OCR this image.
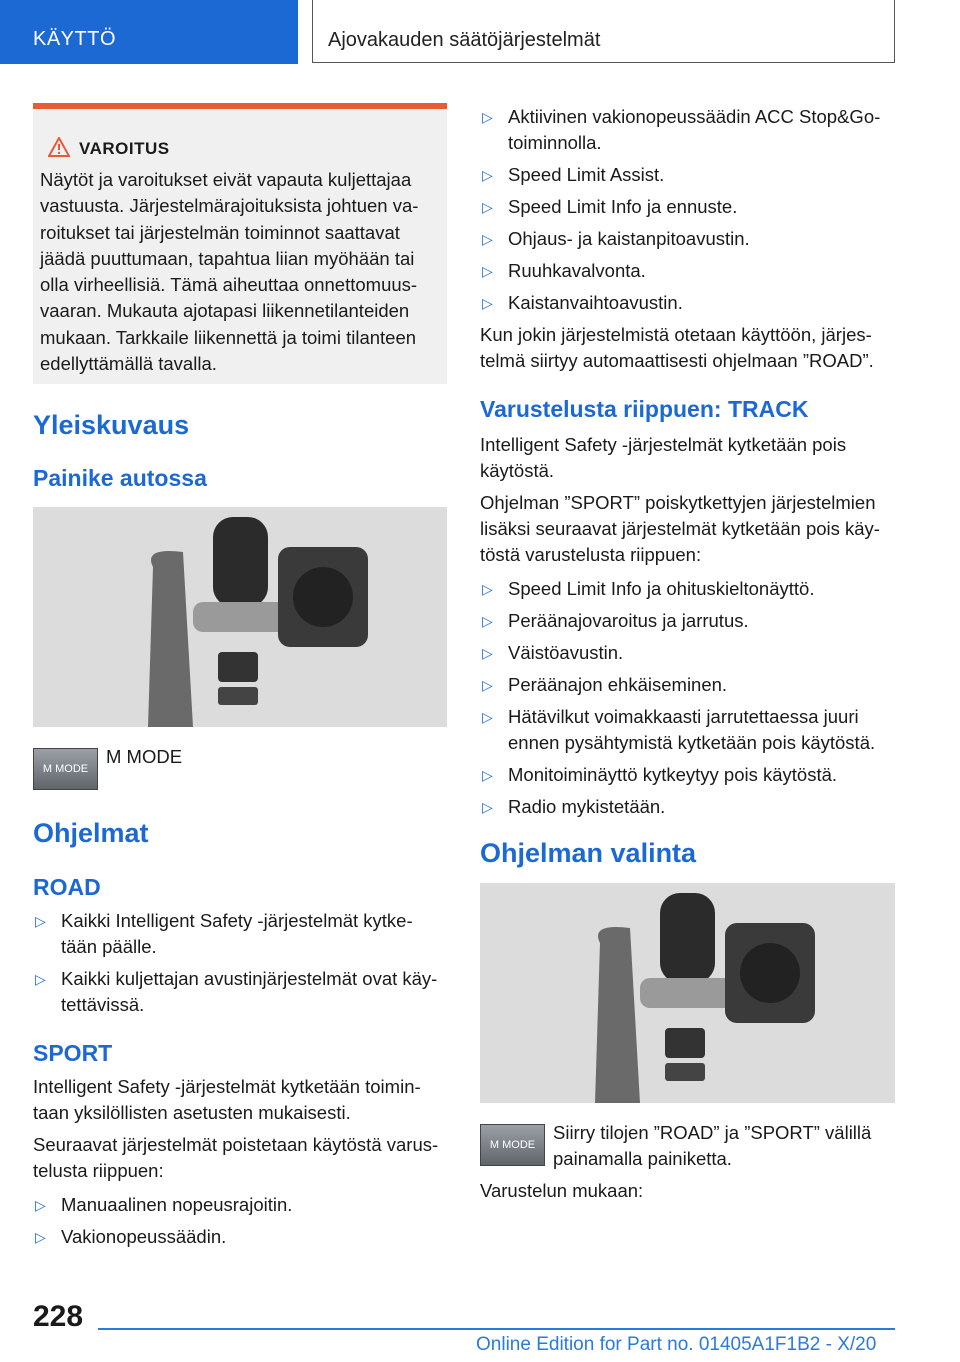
KÄYTTÖ	Ajovakauden säätöjärjestelmät
VAROITUS
Näytöt ja varoitukset eivät vapauta kuljettajaa vastuusta. Järjestelmärajoituksista johtuen va-roitukset tai järjestelmän toiminnot saattavat jäädä puuttumaan, tapahtua liian myöhään tai olla virheellisiä. Tämä aiheuttaa onnettomuus-vaaran. Mukauta ajotapasi liikennetilanteiden mukaan. Tarkkaile liikennettä ja toimi tilanteen edellyttämällä tavalla.
Yleiskuvaus
Painike autossa
M MODE
M MODE
Ohjelmat
ROAD
▷ Kaikki Intelligent Safety -järjestelmät kytke-tään päälle.
▷ Kaikki kuljettajan avustinjärjestelmät ovat käy-tettävissä.
SPORT

Intelligent Safety -järjestelmät kytketään toimin-taan yksilöllisten asetusten mukaisesti.

Seuraavat järjestelmät poistetaan käytöstä varus-telusta riippuen:

▷ Manuaalinen nopeusrajoitin.
▷ Vakionopeussäädin.
▷ Aktiivinen vakionopeussäädin ACC Stop&Go-toiminnolla.
▷ Speed Limit Assist.
▷ Speed Limit Info ja ennuste.
▷ Ohjaus- ja kaistanpitoavustin.
▷ Ruuhkavalvonta.
▷ Kaistanvaihtoavustin.

Kun jokin järjestelmistä otetaan käyttöön, järjes-telmä siirtyy automaattisesti ohjelmaan ”ROAD”.

Varustelusta riippuen: TRACK

Intelligent Safety -järjestelmät kytketään pois käytöstä.

Ohjelman ”SPORT” poiskytkettyjen järjestelmien lisäksi seuraavat järjestelmät kytketään pois käy-töstä varustelusta riippuen:

▷ Speed Limit Info ja ohituskieltonäyttö.
▷ Peräänajovaroitus ja jarrutus.
▷ Väistöavustin.
▷ Peräänajon ehkäiseminen.
▷ Hätävilkut voimakkaasti jarrutettaessa juuri ennen pysähtymistä kytketään pois käytöstä.
▷ Monitoiminäyttö kytkeytyy pois käytöstä.
▷ Radio mykistetään.
Ohjelman valinta
M MODE
Siirry tilojen ”ROAD” ja ”SPORT” välillä painamalla painiketta.
Varustelun mukaan:
228
Online Edition for Part no. 01405A1F1B2 - X/20
